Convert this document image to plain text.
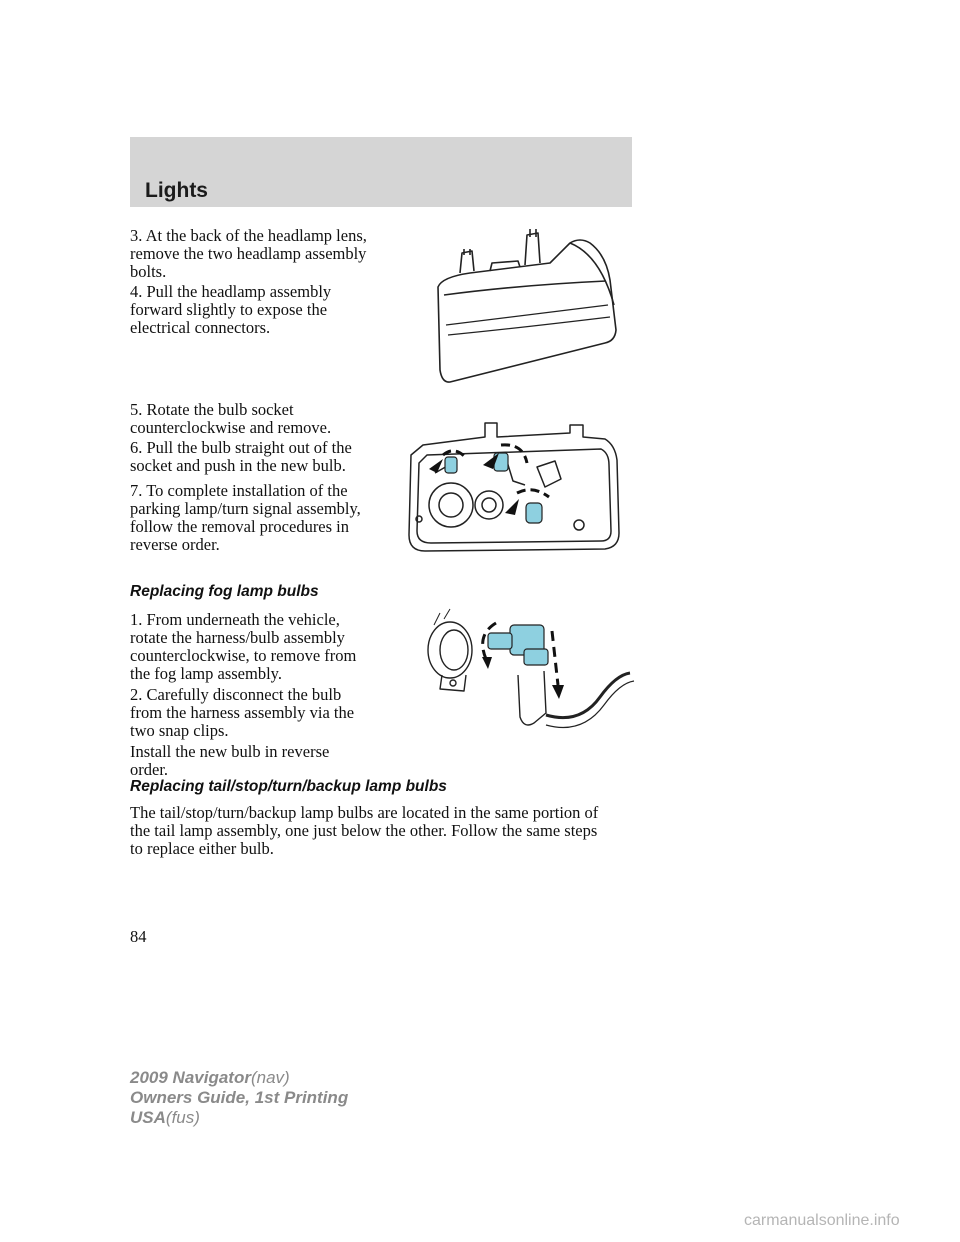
Lights

3. At the back of the headlamp lens,
remove the two headlamp assembly
bolts.

4. Pull the headlamp assembly
forward slightly to expose the
electrical connectors.

5. Rotate the bulb socket
counterclockwise and remove.

6. Pull the bulb straight out of the
socket and push in the new bulb.

7. To complete installation of the
parking lamp/turn signal assembly,
follow the removal procedures in
reverse order.

Replacing fog lamp bulbs

1. From underneath the vehicle,
rotate the harness/bulb assembly
counterclockwise, to remove from
the fog lamp assembly.

2. Carefully disconnect the bulb
from the harness assembly via the
two snap clips.

Install the new bulb in reverse
order.

Replacing tail/stop/turn/backup lamp bulbs

The tail/stop/turn/backup lamp bulbs are located in the same portion of
the tail lamp assembly, one just below the other. Follow the same steps
to replace either bulb.

84

2009 Navigator(nav)
Owners Guide, 1st Printing
USA(fus)
carmanualsonline.info
